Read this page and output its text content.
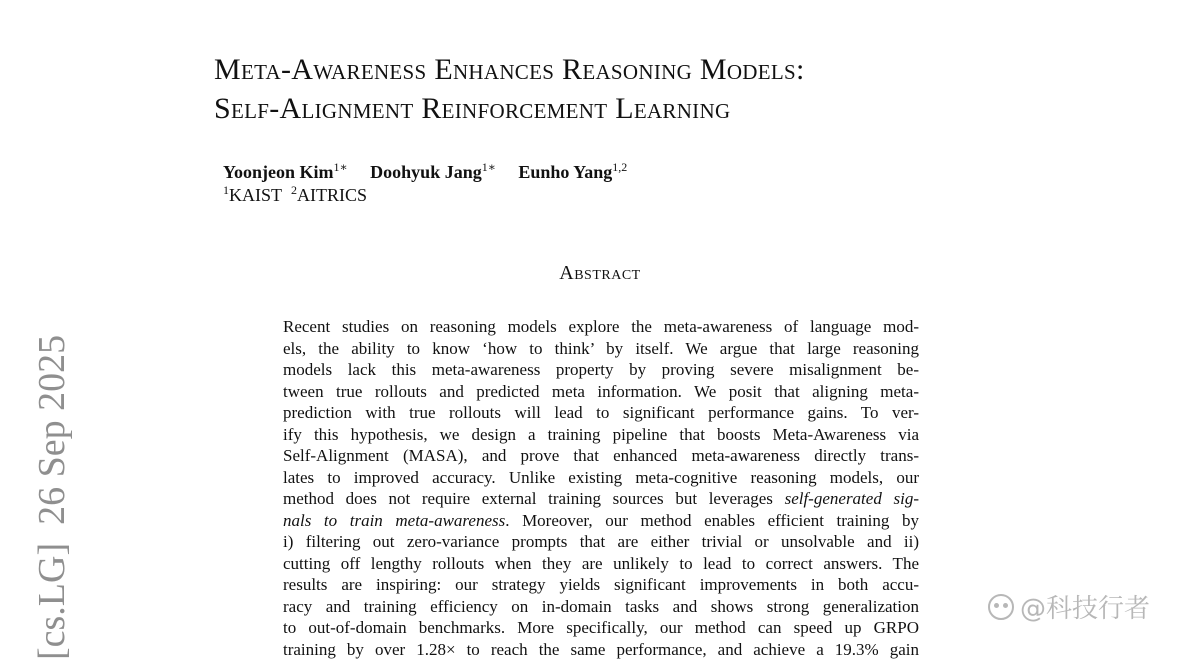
Meta-Awareness Enhances Reasoning Models:
Self-Alignment Reinforcement Learning
Yoonjeon Kim$^{1∗}$ Doohyuk Jang$^{1∗}$ Eunho Yang$^{1,2}$
$^1$KAIST $^2$AITRICS
Abstract
Recent studies on reasoning models explore the meta-awareness of language mod-
els, the ability to know ‘how to think’ by itself. We argue that large reasoning
models lack this meta-awareness property by proving severe misalignment be-
tween true rollouts and predicted meta information. We posit that aligning meta-
prediction with true rollouts will lead to significant performance gains. To ver-
ify this hypothesis, we design a training pipeline that boosts Meta-Awareness via
Self-Alignment (MASA), and prove that enhanced meta-awareness directly trans-
lates to improved accuracy. Unlike existing meta-cognitive reasoning models, our
method does not require external training sources but leverages self-generated sig-
nals to train meta-awareness. Moreover, our method enables efficient training by
i) filtering out zero-variance prompts that are either trivial or unsolvable and ii)
cutting off lengthy rollouts when they are unlikely to lead to correct answers. The
results are inspiring: our strategy yields significant improvements in both accu-
racy and training efficiency on in-domain tasks and shows strong generalization
to out-of-domain benchmarks. More specifically, our method can speed up GRPO
training by over 1.28× to reach the same performance, and achieve a 19.3% gain
[cs.LG]26 Sep 2025
@科技行者
